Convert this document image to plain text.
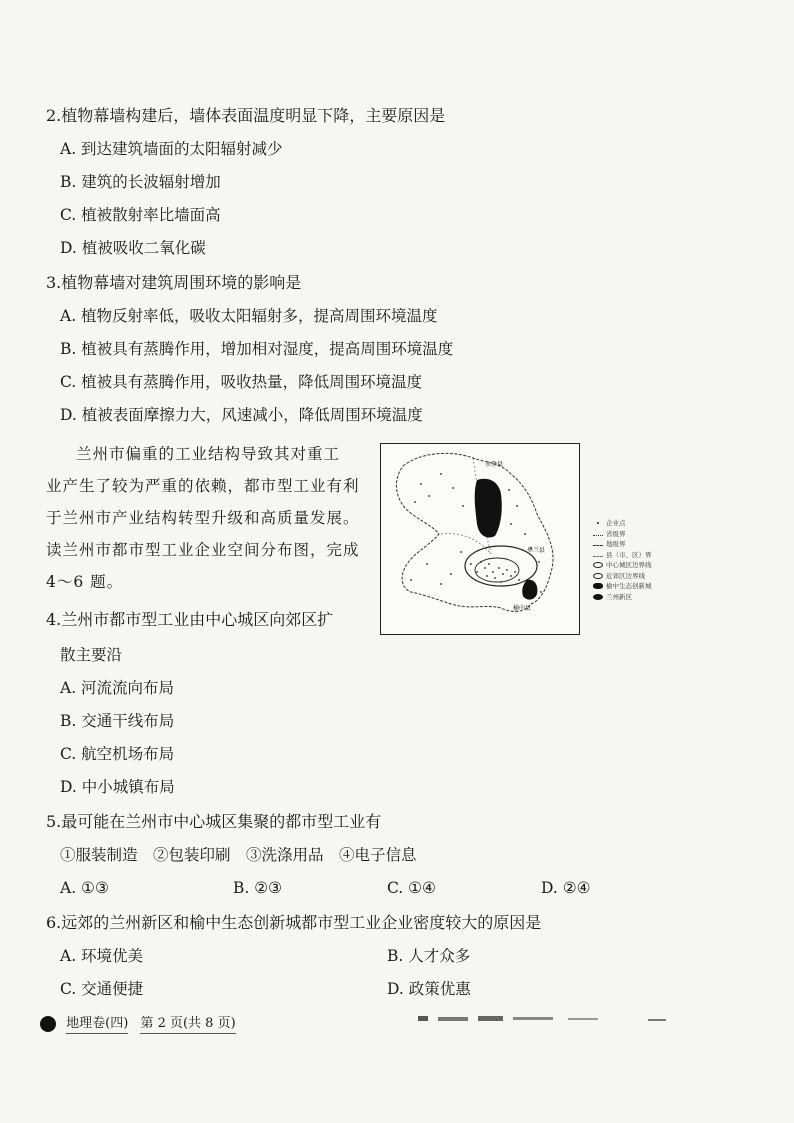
2.植物幕墙构建后，墙体表面温度明显下降，主要原因是
A. 到达建筑墙面的太阳辐射减少
B. 建筑的长波辐射增加
C. 植被散射率比墙面高
D. 植被吸收二氧化碳
3.植物幕墙对建筑周围环境的影响是
A. 植物反射率低，吸收太阳辐射多，提高周围环境温度
B. 植被具有蒸腾作用，增加相对湿度，提高周围环境温度
C. 植被具有蒸腾作用，吸收热量，降低周围环境温度
D. 植被表面摩擦力大，风速减小，降低周围环境温度
兰州市偏重的工业结构导致其对重工
业产生了较为严重的依赖，都市型工业有利
于兰州市产业结构转型升级和高质量发展。
读兰州市都市型工业企业空间分布图，完成
4～6 题。
永登县
皋兰县
榆中县
企业点
省级界
地级界
县（市、区）界
中心城区边界线
近郊区边界线
榆中生态创新城
兰州新区
4.兰州市都市型工业由中心城区向郊区扩
散主要沿
A. 河流流向布局
B. 交通干线布局
C. 航空机场布局
D. 中小城镇布局
5.最可能在兰州市中心城区集聚的都市型工业有
①服装制造　②包装印刷　③洗涤用品　④电子信息
A. ①③	B. ②③	C. ①④	D. ②④
6.远郊的兰州新区和榆中生态创新城都市型工业企业密度较大的原因是
A. 环境优美	B. 人才众多
C. 交通便捷	D. 政策优惠
地理卷(四) 第 2 页(共 8 页)
